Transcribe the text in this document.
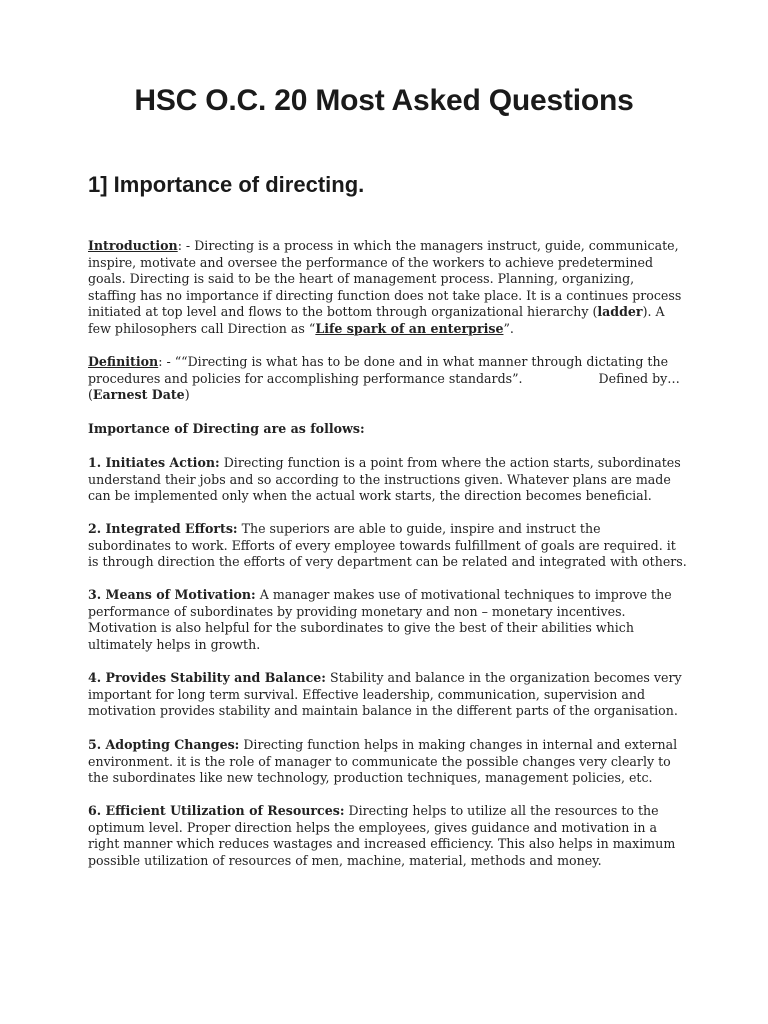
HSC O.C. 20 Most Asked Questions
1] Importance of directing.
Introduction: - Directing is a process in which the managers instruct, guide, communicate,
inspire, motivate and oversee the performance of the workers to achieve predetermined
goals. Directing is said to be the heart of management process. Planning, organizing,
staffing has no importance if directing function does not take place. It is a continues process
initiated at top level and flows to the bottom through organizational hierarchy (ladder). A
few philosophers call Direction as “Life spark of an enterprise”.
Definition: - ““Directing is what has to be done and in what manner through dictating the
procedures and policies for accomplishing performance standards”.	Defined by…
(Earnest Date)
Importance of Directing are as follows:
1. Initiates Action: Directing function is a point from where the action starts, subordinates
understand their jobs and so according to the instructions given. Whatever plans are made
can be implemented only when the actual work starts, the direction becomes beneficial.
2. Integrated Efforts: The superiors are able to guide, inspire and instruct the
subordinates to work. Efforts of every employee towards fulfillment of goals are required. it
is through direction the efforts of very department can be related and integrated with others.
3. Means of Motivation: A manager makes use of motivational techniques to improve the
performance of subordinates by providing monetary and non – monetary incentives.
Motivation is also helpful for the subordinates to give the best of their abilities which
ultimately helps in growth.
4. Provides Stability and Balance: Stability and balance in the organization becomes very
important for long term survival. Effective leadership, communication, supervision and
motivation provides stability and maintain balance in the different parts of the organisation.
5. Adopting Changes: Directing function helps in making changes in internal and external
environment. it is the role of manager to communicate the possible changes very clearly to
the subordinates like new technology, production techniques, management policies, etc.
6. Efficient Utilization of Resources: Directing helps to utilize all the resources to the
optimum level. Proper direction helps the employees, gives guidance and motivation in a
right manner which reduces wastages and increased efficiency. This also helps in maximum
possible utilization of resources of men, machine, material, methods and money.
